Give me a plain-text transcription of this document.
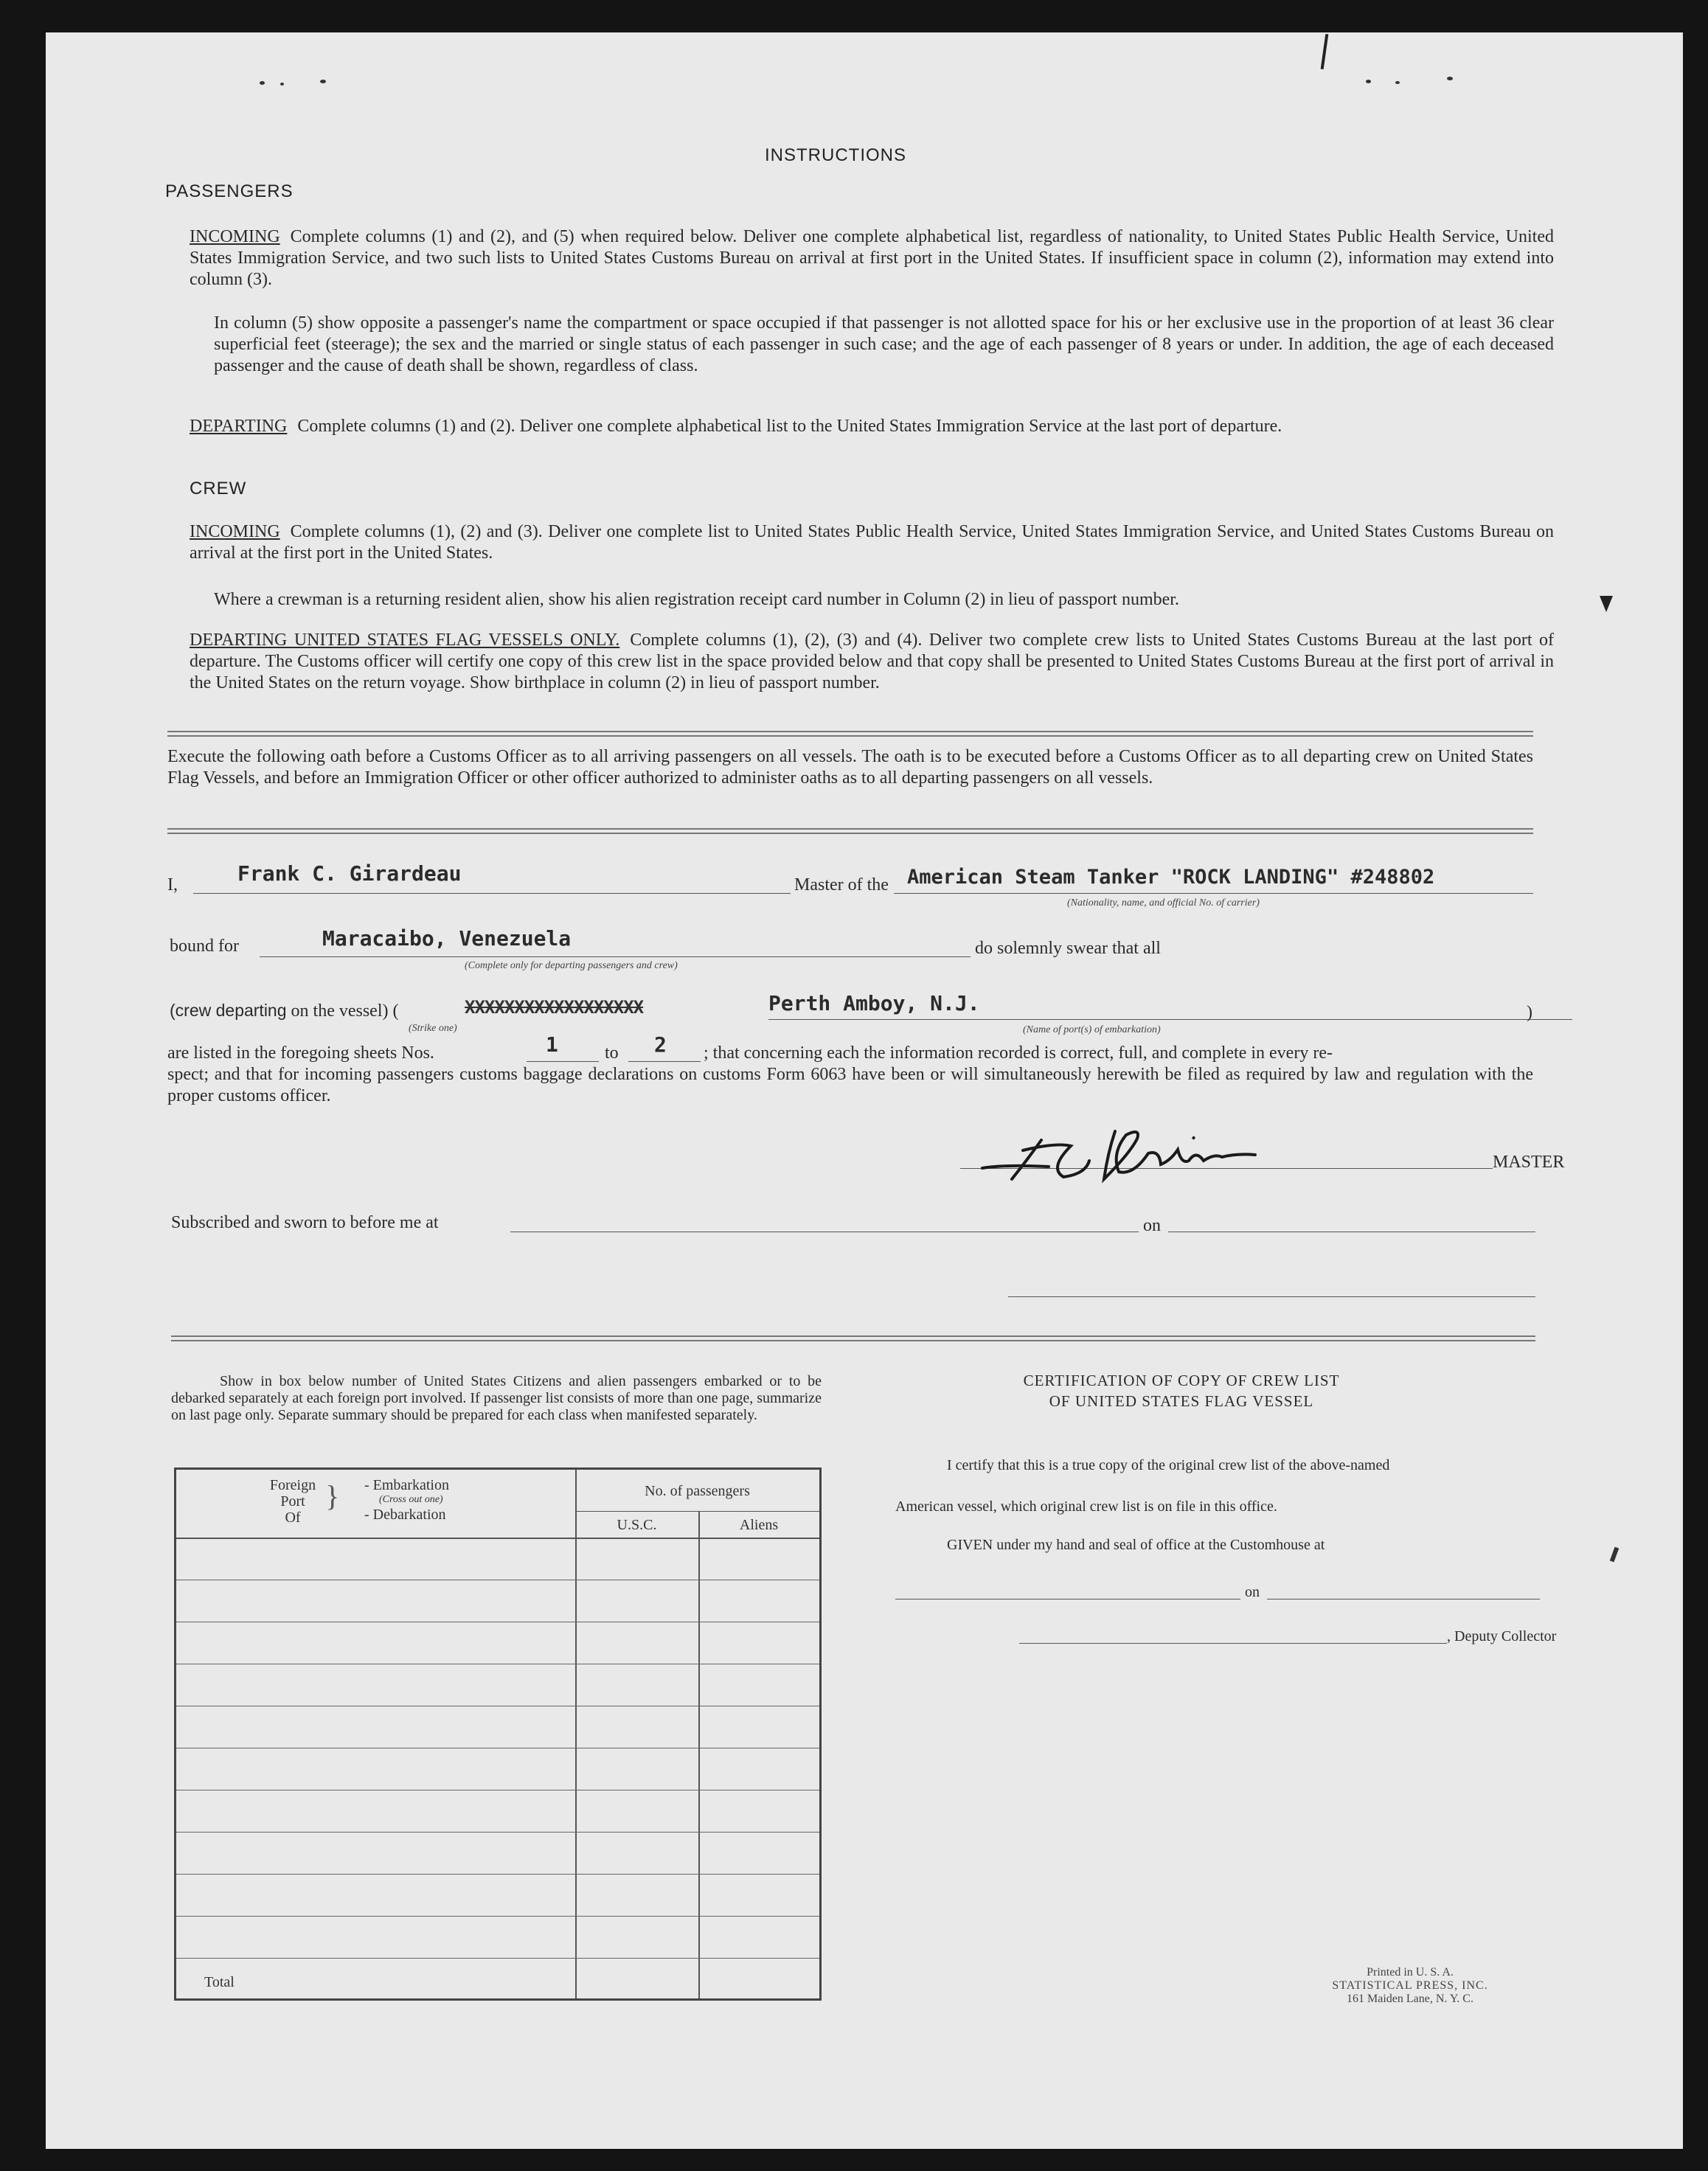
INSTRUCTIONS
PASSENGERS
INCOMING Complete columns (1) and (2), and (5) when required below. Deliver one complete alphabetical list, regardless of nationality, to United States Public Health Service, United States Immigration Service, and two such lists to United States Customs Bureau on arrival at first port in the United States. If insufficient space in column (2), information may extend into column (3).
In column (5) show opposite a passenger's name the compartment or space occupied if that passenger is not allotted space for his or her exclusive use in the proportion of at least 36 clear superficial feet (steerage); the sex and the married or single status of each passenger in such case; and the age of each passenger of 8 years or under. In addition, the age of each deceased passenger and the cause of death shall be shown, regardless of class.
DEPARTING Complete columns (1) and (2). Deliver one complete alphabetical list to the United States Immigration Service at the last port of departure.
CREW
INCOMING Complete columns (1), (2) and (3). Deliver one complete list to United States Public Health Service, United States Immigration Service, and United States Customs Bureau on arrival at the first port in the United States.
Where a crewman is a returning resident alien, show his alien registration receipt card number in Column (2) in lieu of passport number.
DEPARTING UNITED STATES FLAG VESSELS ONLY. Complete columns (1), (2), (3) and (4). Deliver two complete crew lists to United States Customs Bureau at the last port of departure. The Customs officer will certify one copy of this crew list in the space provided below and that copy shall be presented to United States Customs Bureau at the first port of arrival in the United States on the return voyage. Show birthplace in column (2) in lieu of passport number.
Execute the following oath before a Customs Officer as to all arriving passengers on all vessels. The oath is to be executed before a Customs Officer as to all departing crew on United States Flag Vessels, and before an Immigration Officer or other officer authorized to administer oaths as to all departing passengers on all vessels.
I,	Frank C. Girardeau	Master of the American Steam Tanker "ROCK LANDING" #248802
(Nationality, name, and official No. of carrier)
bound for	Maracaibo, Venezuela
(Complete only for departing passengers and crew)
do solemnly swear that all
(crew departing on the vessel) (
(Strike one)
XXXXXXXXXXXXXXXXXX	Perth Amboy, N.J.
(Name of port(s) of embarkation)
)
are listed in the foregoing sheets Nos.	1	to 2 ; that concerning each the information recorded is correct, full, and complete in every re-
spect; and that for incoming passengers customs baggage declarations on customs Form 6063 have been or will simultaneously herewith be filed as required by law and regulation with the proper customs officer.
MASTER
Subscribed and sworn to before me at	on
Show in box below number of United States Citizens and alien passengers embarked or to be debarked separately at each foreign port involved. If passenger list consists of more than one page, summarize on last page only. Separate summary should be prepared for each class when manifested separately.
Foreign
Port
Of
} - Embarkation
(Cross out one)
- Debarkation
No. of passengers
U.S.C.	Aliens
Total
CERTIFICATION OF COPY OF CREW LIST
OF UNITED STATES FLAG VESSEL
I certify that this is a true copy of the original crew list of the above-named
American vessel, which original crew list is on file in this office.
GIVEN under my hand and seal of office at the Customhouse at
on
, Deputy Collector
Printed in U. S. A.
STATISTICAL PRESS, INC.
161 Maiden Lane, N. Y. C.
